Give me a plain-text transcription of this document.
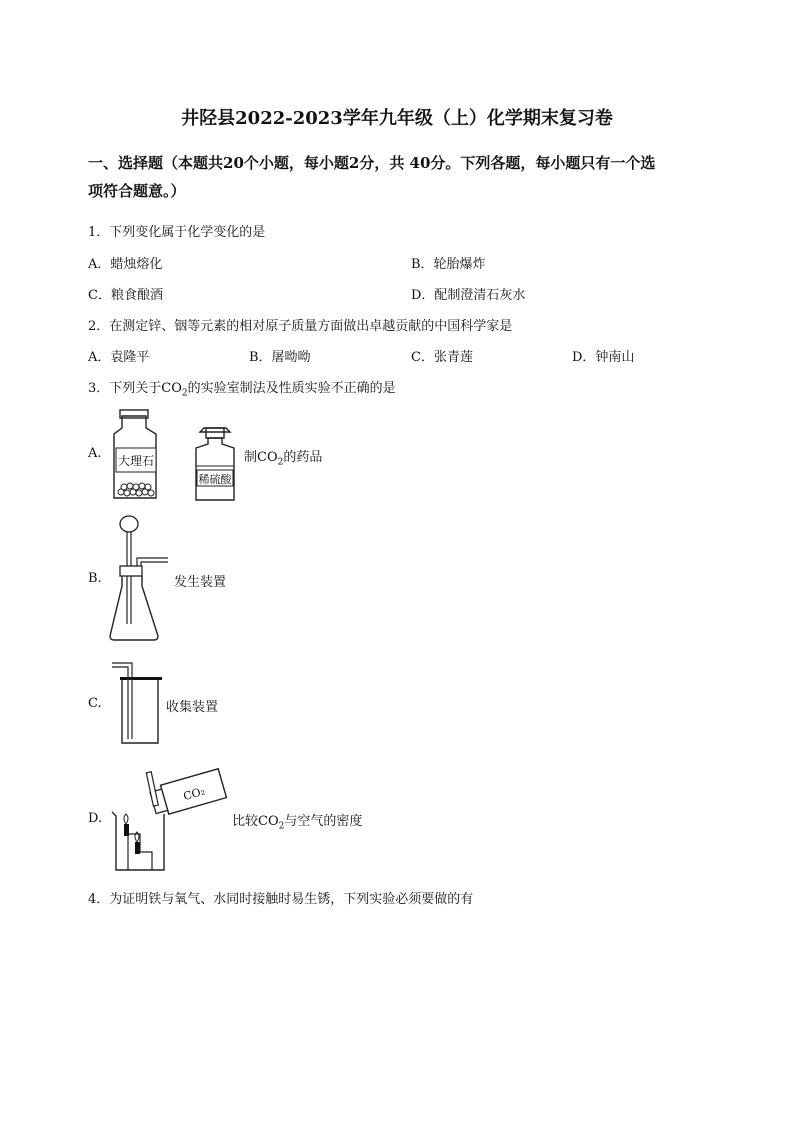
井陉县2022-2023学年九年级（上）化学期末复习卷
一、选择题（本题共20个小题，每小题2分，共 40分。下列各题，每小题只有一个选
项符合题意。）
1．下列变化属于化学变化的是
A．蜡烛熔化	B．轮胎爆炸
C．粮食酿酒	D．配制澄清石灰水
2．在测定锌、铟等元素的相对原子质量方面做出卓越贡献的中国科学家是
A．袁隆平	B．屠呦呦	C．张青莲	D．钟南山
3．下列关于$CO_2$的实验室制法及性质实验不正确的是
A. 大理石
稀硫酸
制$CO_2$的药品
B.	发生装置
C.	收集装置
D.
CO₂
比较$CO_2$与空气的密度
4．为证明铁与氧气、水同时接触时易生锈，下列实验必须要做的有
